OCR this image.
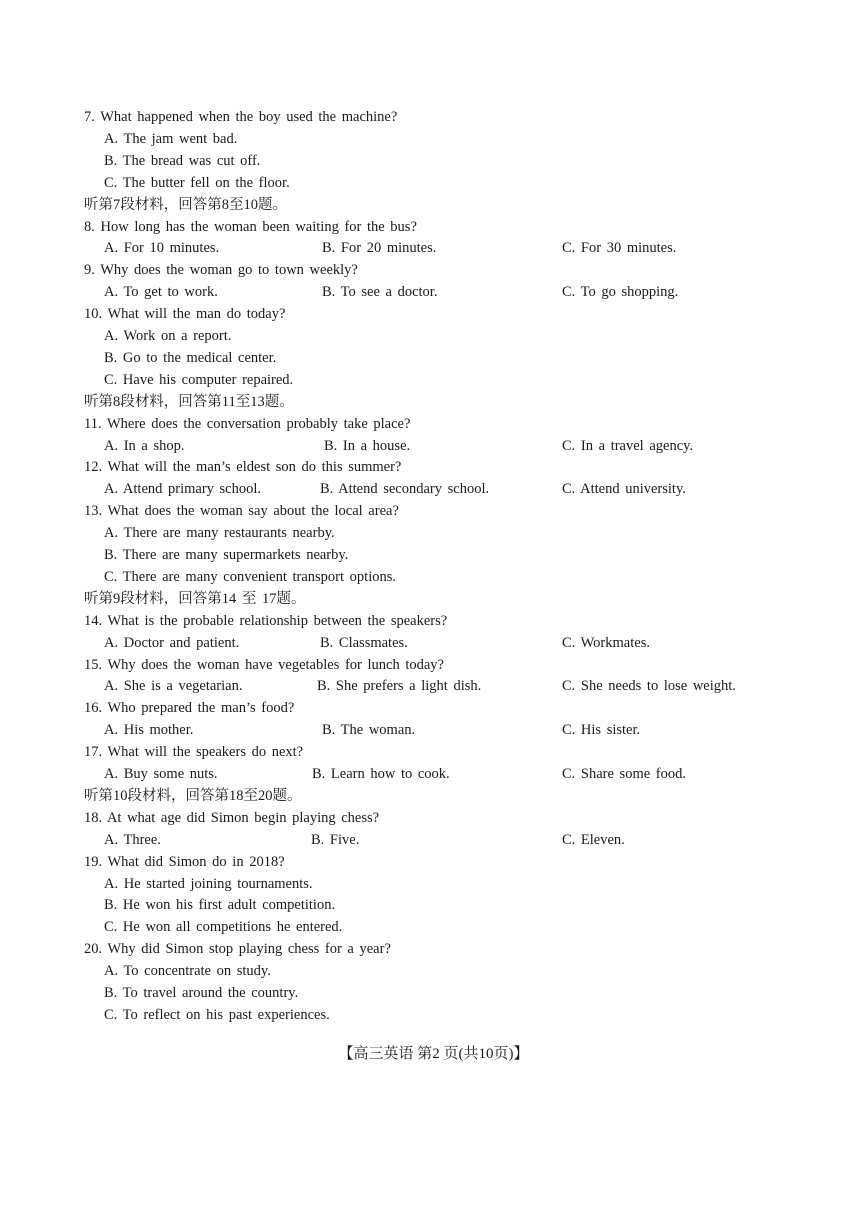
7. What happened when the boy used the machine?
A. The jam went bad.
B. The bread was cut off.
C. The butter fell on the floor.
听第7段材料，回答第8至10题。
8. How long has the woman been waiting for the bus?
A. For 10 minutes.	B. For 20 minutes.	C. For 30 minutes.
9. Why does the woman go to town weekly?
A. To get to work.	B. To see a doctor.	C. To go shopping.
10. What will the man do today?
A. Work on a report.
B. Go to the medical center.
C. Have his computer repaired.
听第8段材料，回答第11至13题。
11. Where does the conversation probably take place?
A. In a shop.	B. In a house.	C. In a travel agency.
12. What will the man’s eldest son do this summer?
A. Attend primary school.	B. Attend secondary school.	C. Attend university.
13. What does the woman say about the local area?
A. There are many restaurants nearby.
B. There are many supermarkets nearby.
C. There are many convenient transport options.
听第9段材料，回答第14 至 17题。
14. What is the probable relationship between the speakers?
A. Doctor and patient.	B. Classmates.	C. Workmates.
15. Why does the woman have vegetables for lunch today?
A. She is a vegetarian.	B. She prefers a light dish.	C. She needs to lose weight.
16. Who prepared the man’s food?
A. His mother.	B. The woman.	C. His sister.
17. What will the speakers do next?
A. Buy some nuts.	B. Learn how to cook.	C. Share some food.
听第10段材料，回答第18至20题。
18. At what age did Simon begin playing chess?
A. Three.	B. Five.	C. Eleven.
19. What did Simon do in 2018?
A. He started joining tournaments.
B. He won his first adult competition.
C. He won all competitions he entered.
20. Why did Simon stop playing chess for a year?
A. To concentrate on study.
B. To travel around the country.
C. To reflect on his past experiences.
【高三英语 第2 页(共10页)】
